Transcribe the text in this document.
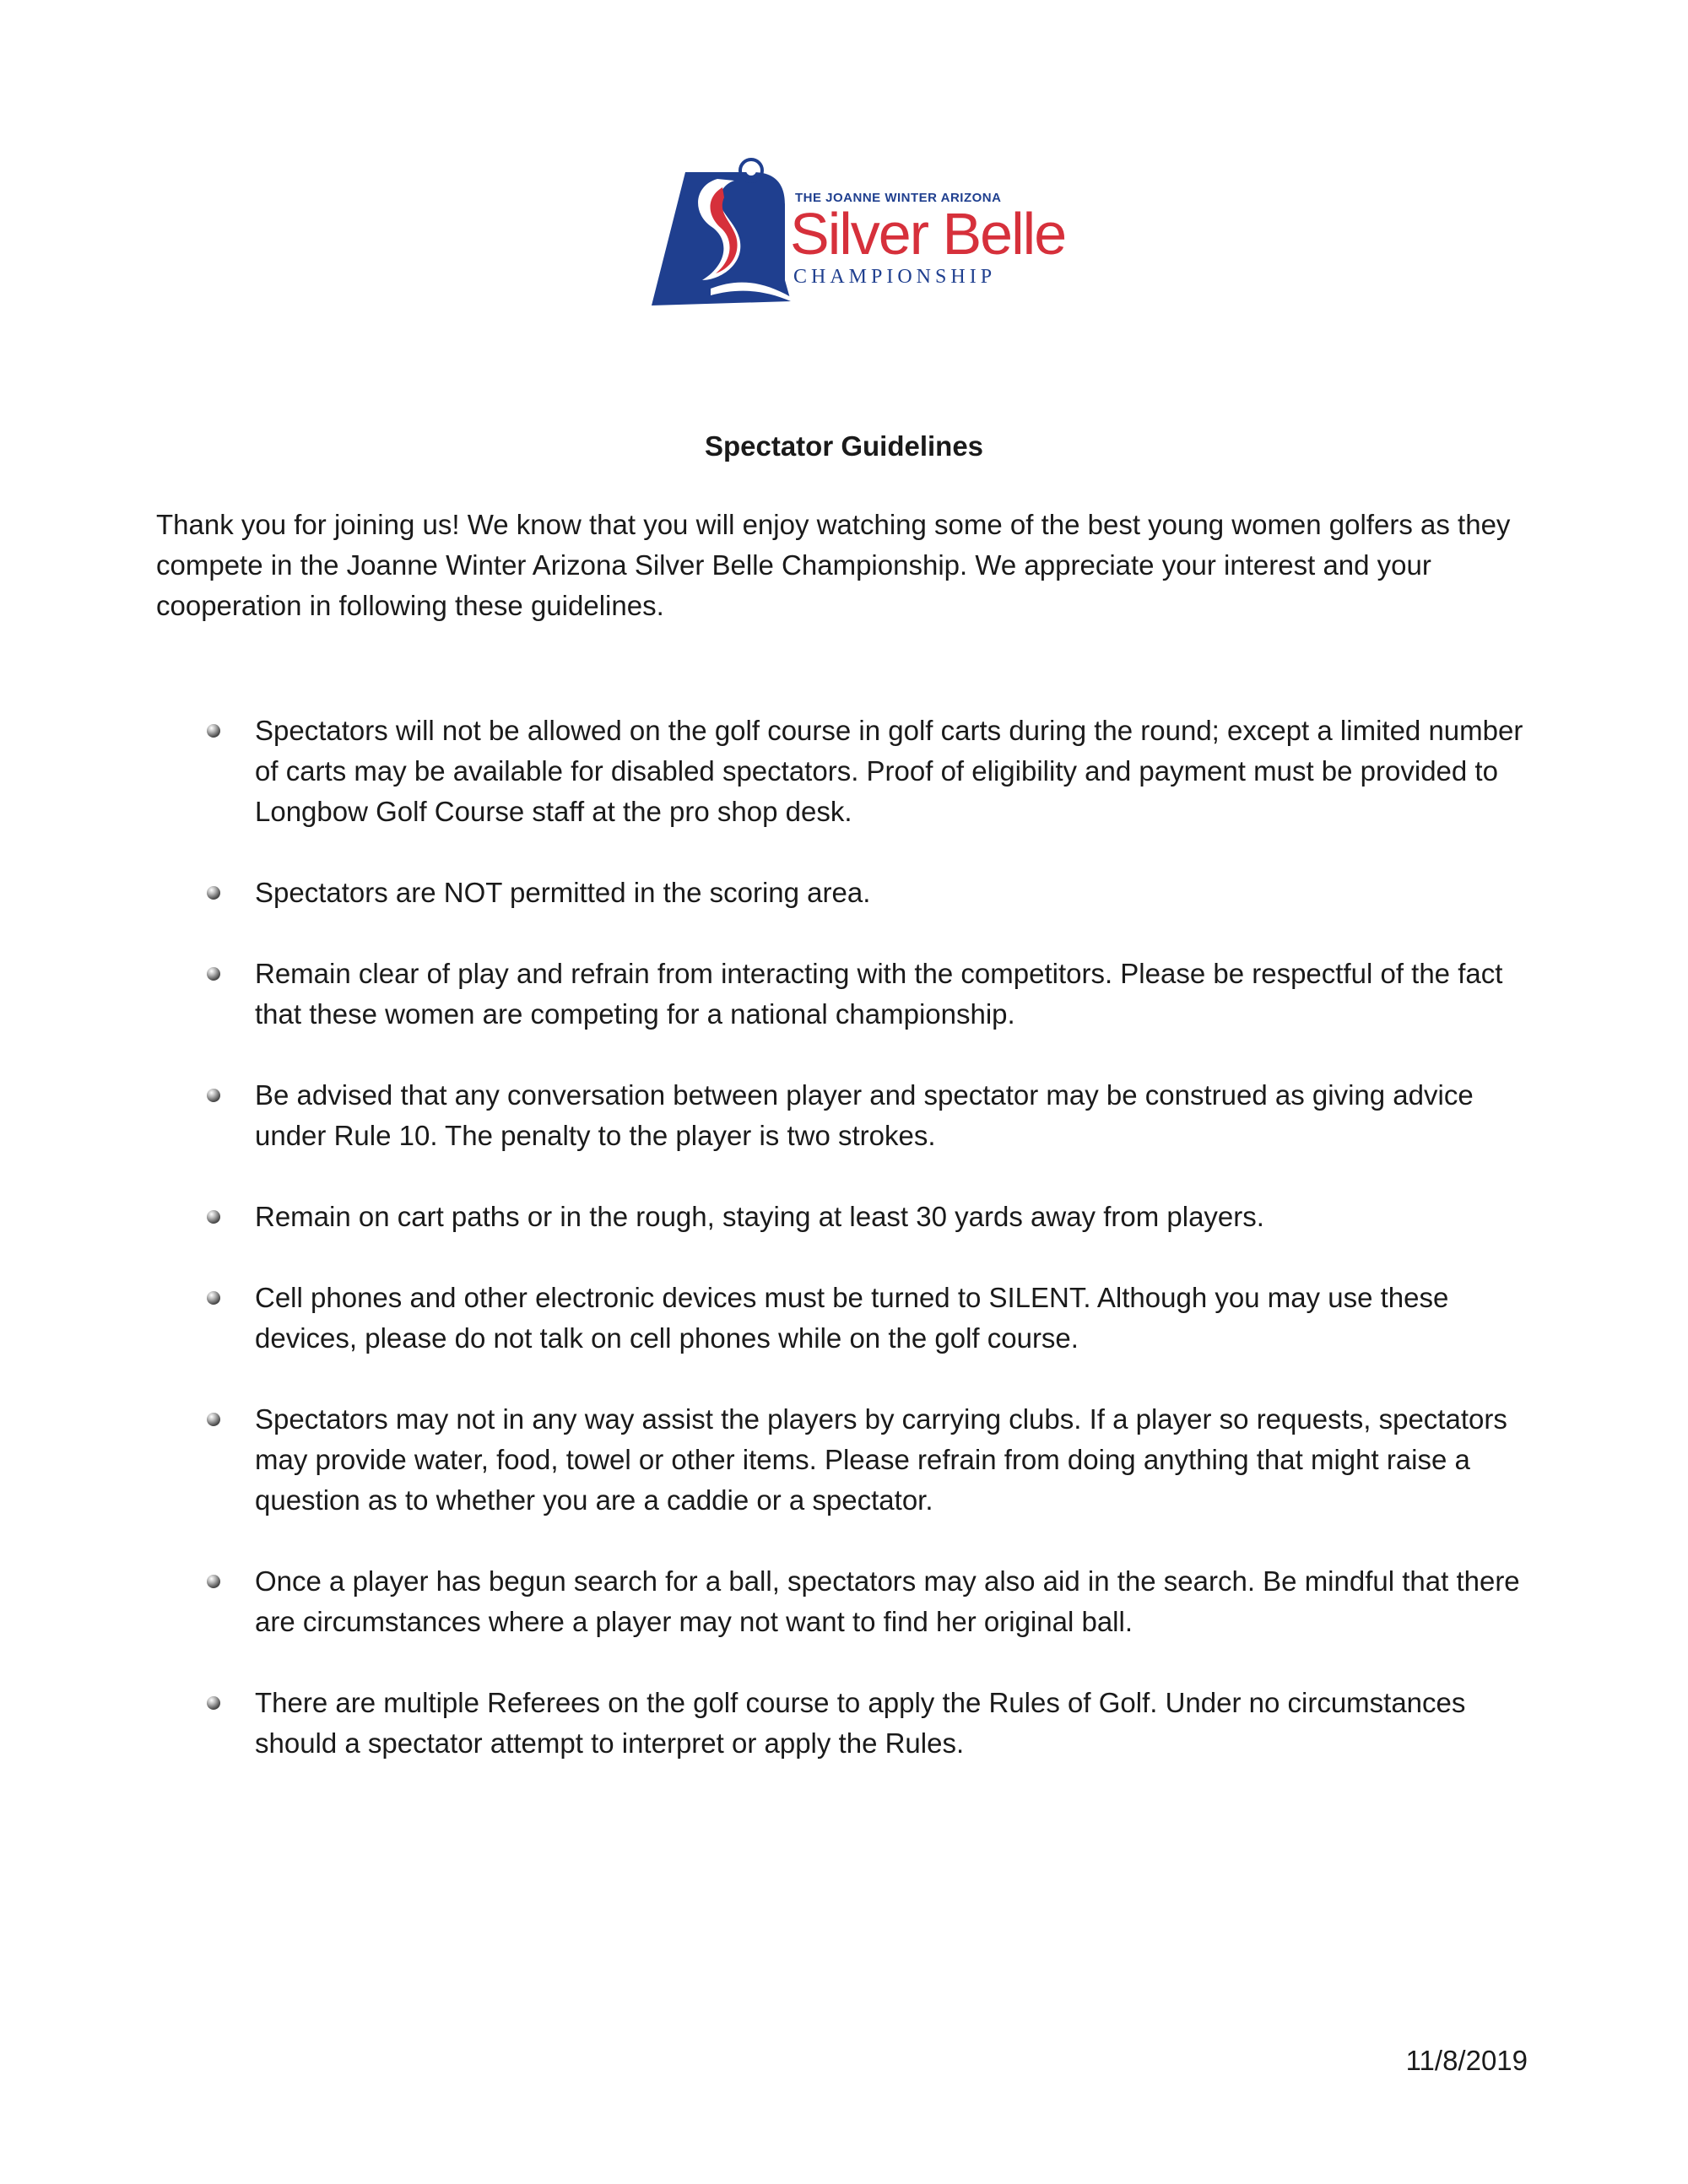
THE JOANNE WINTER ARIZONA
Silver Belle
CHAMPIONSHIP
Spectator Guidelines

Thank you for joining us! We know that you will enjoy watching some of the best young women golfers as they compete in the Joanne Winter Arizona Silver Belle Championship. We appreciate your interest and your cooperation in following these guidelines.

Spectators will not be allowed on the golf course in golf carts during the round; except a limited number of carts may be available for disabled spectators. Proof of eligibility and payment must be provided to Longbow Golf Course staff at the pro shop desk.
Spectators are NOT permitted in the scoring area.
Remain clear of play and refrain from interacting with the competitors. Please be respectful of the fact that these women are competing for a national championship.
Be advised that any conversation between player and spectator may be construed as giving advice under Rule 10. The penalty to the player is two strokes.
Remain on cart paths or in the rough, staying at least 30 yards away from players.
Cell phones and other electronic devices must be turned to SILENT. Although you may use these devices, please do not talk on cell phones while on the golf course.
Spectators may not in any way assist the players by carrying clubs. If a player so requests, spectators may provide water, food, towel or other items. Please refrain from doing anything that might raise a question as to whether you are a caddie or a spectator.
Once a player has begun search for a ball, spectators may also aid in the search. Be mindful that there are circumstances where a player may not want to find her original ball.
There are multiple Referees on the golf course to apply the Rules of Golf. Under no circumstances should a spectator attempt to interpret or apply the Rules.
11/8/2019
